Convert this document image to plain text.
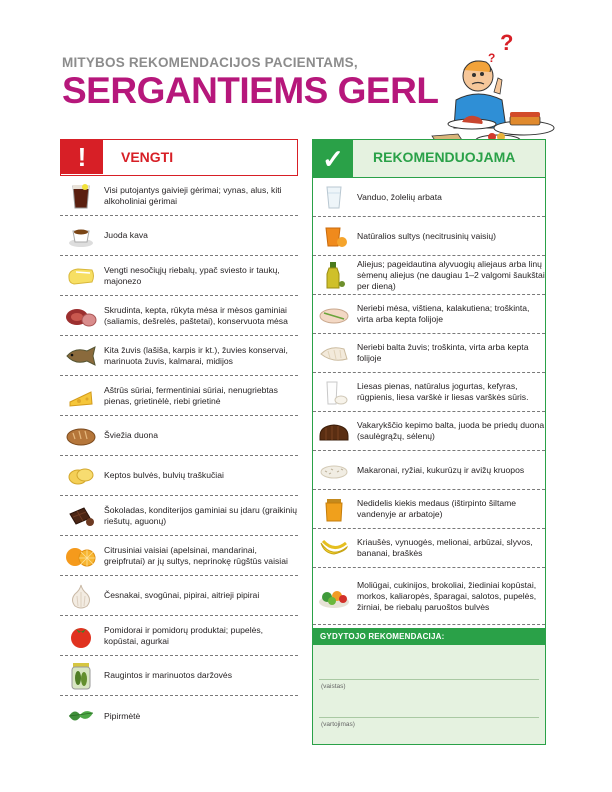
MITYBOS REKOMENDACIJOS PACIENTAMS,
SERGANTIEMS GERL
?
?
!	VENGTI
Visi putojantys gaivieji gėrimai; vynas, alus, kiti alkoholiniai gėrimai
Juoda kava
Vengti nesočiųjų riebalų, ypač sviesto ir taukų, majonezo
Skrudinta, kepta, rūkyta mėsa ir mėsos gaminiai (saliamis, dešrelės, paštetai), konservuota mėsa
Kita žuvis (lašiša, karpis ir kt.), žuvies konservai, marinuota žuvis, kalmarai, midijos
Aštrūs sūriai, fermentiniai sūriai, nenugriebtas pienas, grietinėlė, riebi grietinė
Šviežia duona
Keptos bulvės, bulvių traškučiai
Šokoladas, konditerijos gaminiai su įdaru (graikinių riešutų, aguonų)
Citrusiniai vaisiai (apelsinai, mandarinai, greipfrutai) ar jų sultys, neprinokę rūgštūs vaisiai
Česnakai, svogūnai, pipirai, aitrieji pipirai
Pomidorai ir pomidorų produktai; pupelės, kopūstai, agurkai
Raugintos ir marinuotos daržovės
Pipirmėtė
✓	REKOMENDUOJAMA
Vanduo, žolelių arbata
Natūralios sultys (necitrusinių vaisių)
Aliejus; pageidautina alyvuogių aliejaus arba linų sėmenų aliejus (ne daugiau 1–2 valgomi šaukštai per dieną)
Neriebi mėsa, vištiena, kalakutiena; troškinta, virta arba kepta folijoje
Neriebi balta žuvis; troškinta, virta arba kepta folijoje
Liesas pienas, natūralus jogurtas, kefyras, rūgpienis, liesa varškė ir liesas varškės sūris.
Vakarykščio kepimo balta, juoda be priedų duona (saulėgrąžų, sėlenų)
Makaronai, ryžiai, kukurūzų ir avižų kruopos
Nedidelis kiekis medaus (ištirpinto šiltame vandenyje ar arbatoje)
Kriaušės, vynuogės, melionai, arbūzai, slyvos, bananai, braškės
Moliūgai, cukinijos, brokoliai, žiediniai kopūstai, morkos, kaliaropės, šparagai, salotos, pupelės, žirniai, be riebalų paruoštos bulvės
GYDYTOJO REKOMENDACIJA:
(vaistas)
(vartojimas)
